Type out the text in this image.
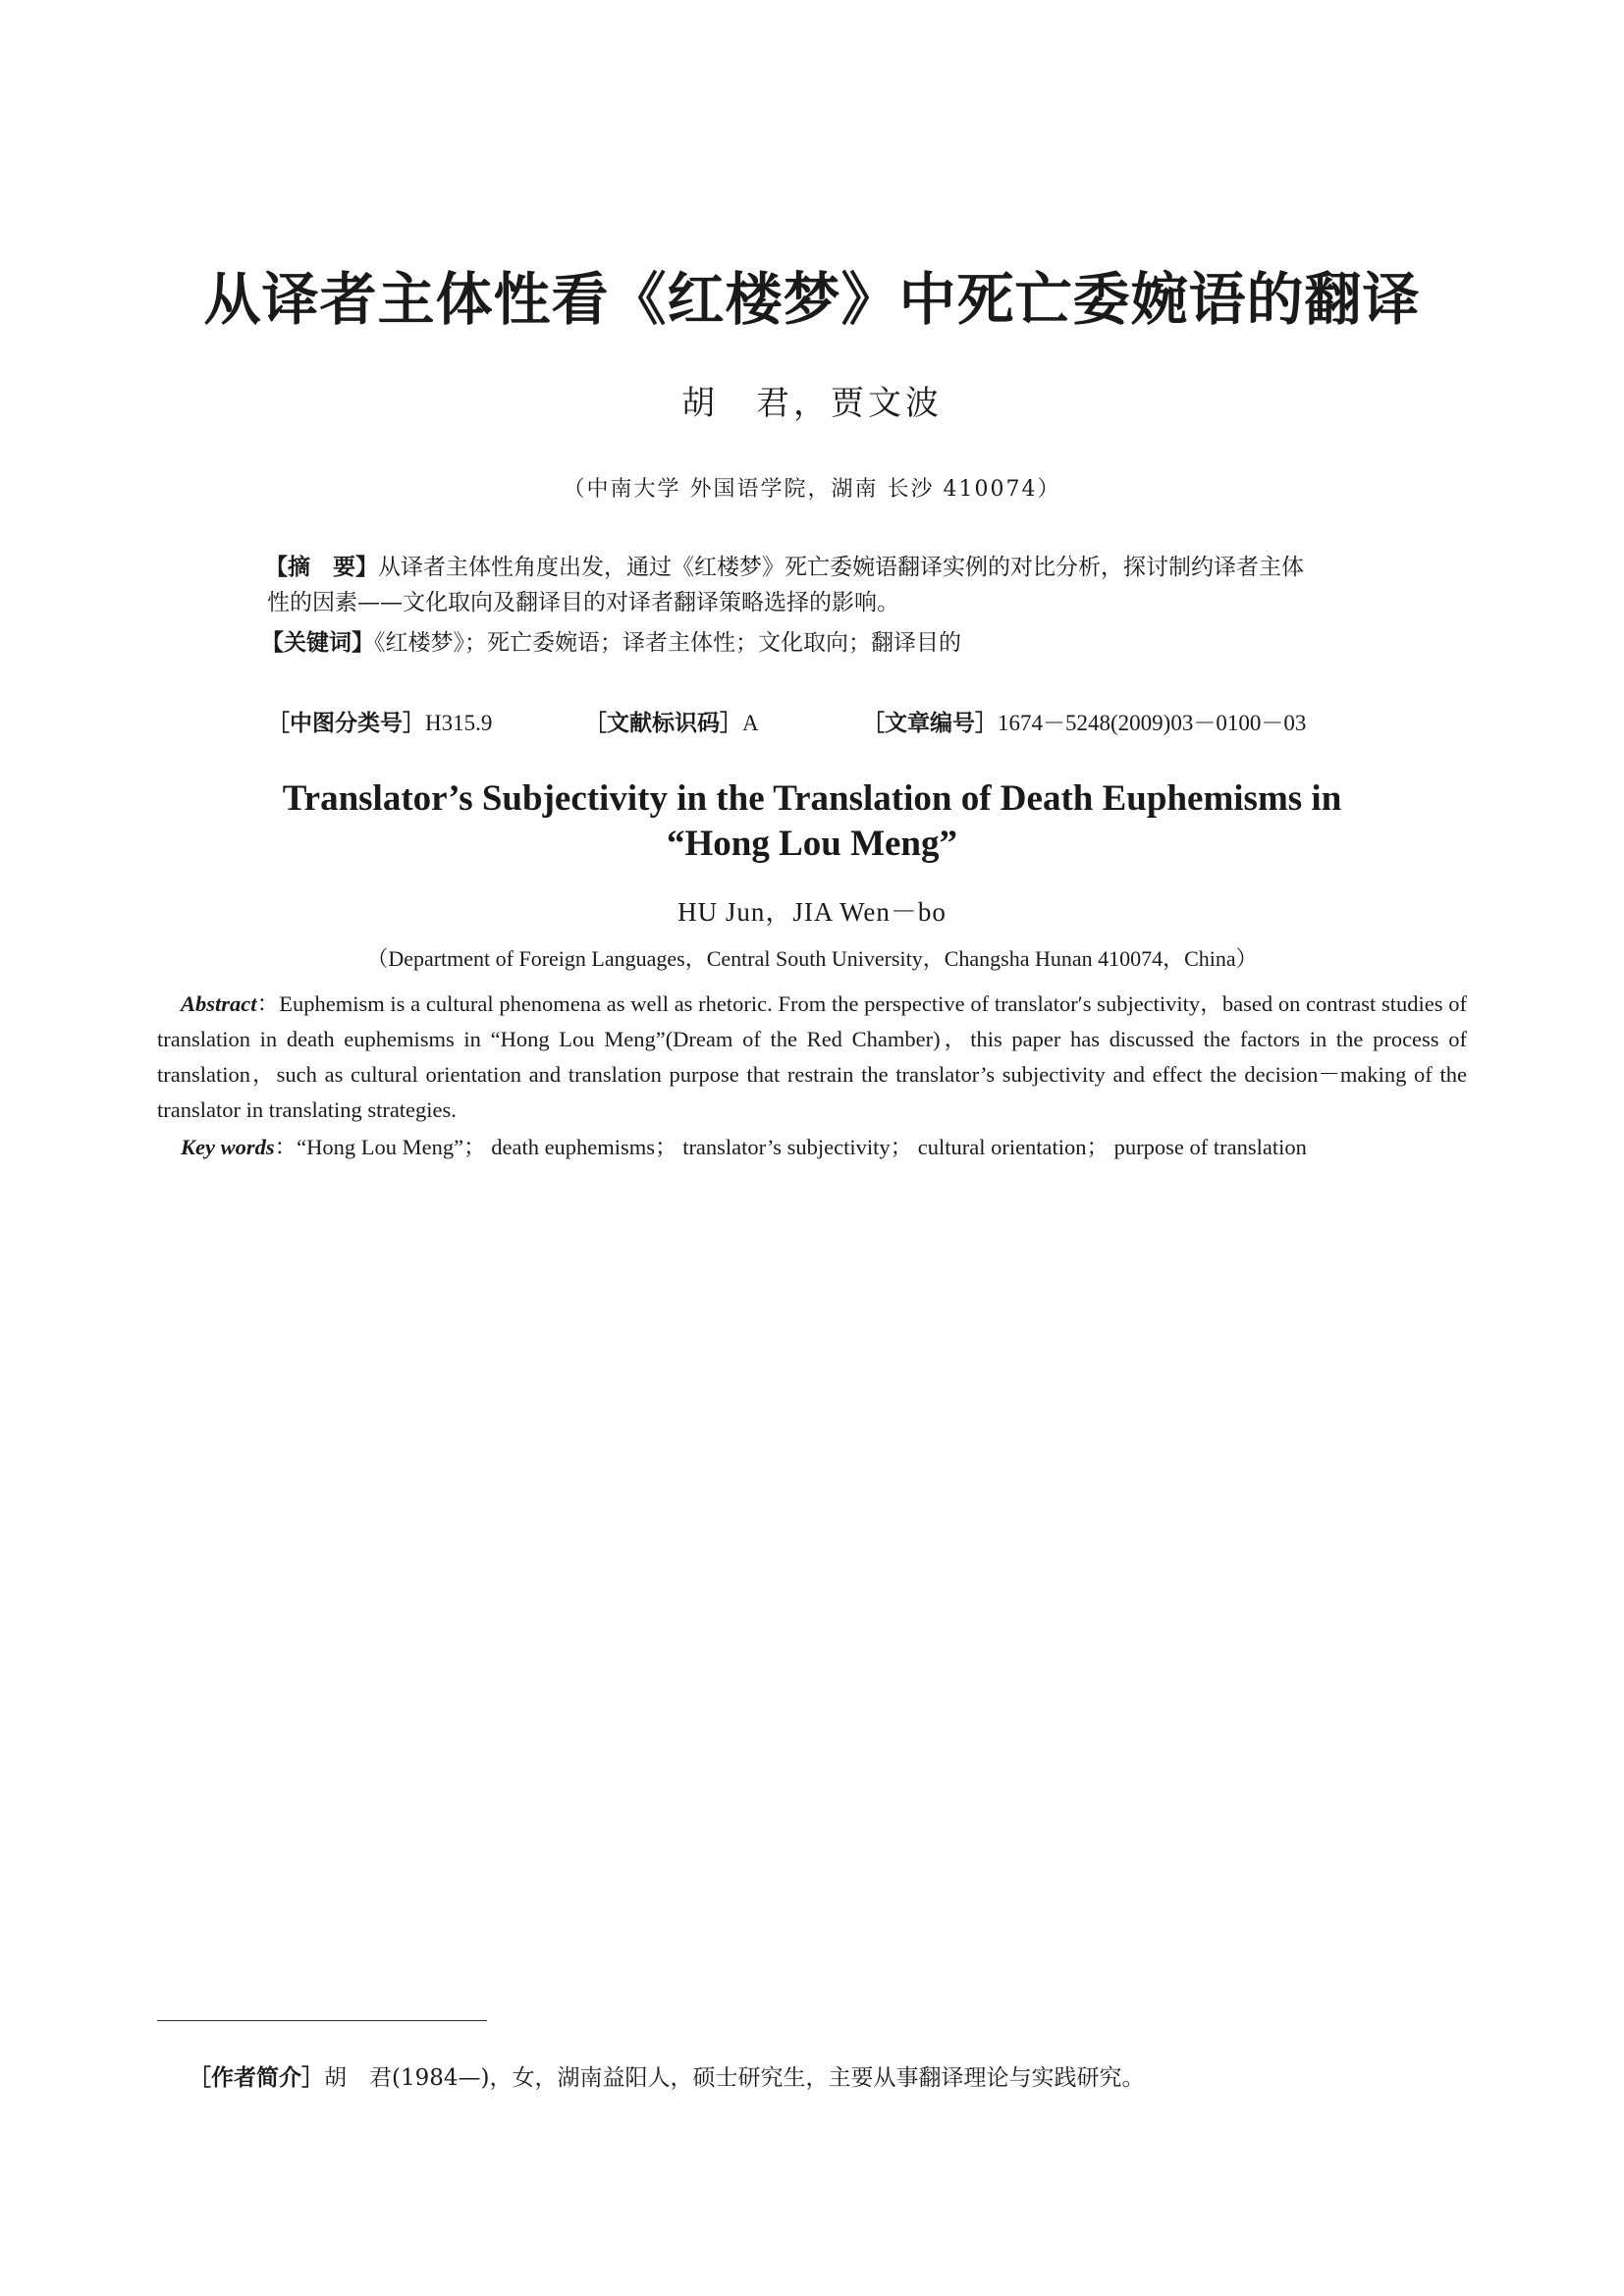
从译者主体性看《红楼梦》中死亡委婉语的翻译
胡　君，贾文波
（中南大学 外国语学院，湖南 长沙 410074）
【摘　要】从译者主体性角度出发，通过《红楼梦》死亡委婉语翻译实例的对比分析，探讨制约译者主体
性的因素——文化取向及翻译目的对译者翻译策略选择的影响。
【关键词】《红楼梦》；死亡委婉语；译者主体性；文化取向；翻译目的
［中图分类号］H315.9	［文献标识码］A	［文章编号］1674－5248(2009)03－0100－03
Translator’s Subjectivity in the Translation of Death Euphemisms in
“Hong Lou Meng”
HU Jun，JIA Wen－bo
（Department of Foreign Languages，Central South University，Changsha Hunan 410074，China）
Abstract：Euphemism is a cultural phenomena as well as rhetoric. From the perspective of translator′s subjectivity，based on contrast studies of translation in death euphemisms in “Hong Lou Meng”(Dream of the Red Chamber)，this paper has discussed the factors in the process of translation，such as cultural orientation and translation purpose that restrain the translator’s subjectivity and effect the decision－making of the translator in translating strategies.
Key words：“Hong Lou Meng”； death euphemisms； translator’s subjectivity； cultural orientation； purpose of translation
［作者简介］胡　君(1984—)，女，湖南益阳人，硕士研究生，主要从事翻译理论与实践研究。
